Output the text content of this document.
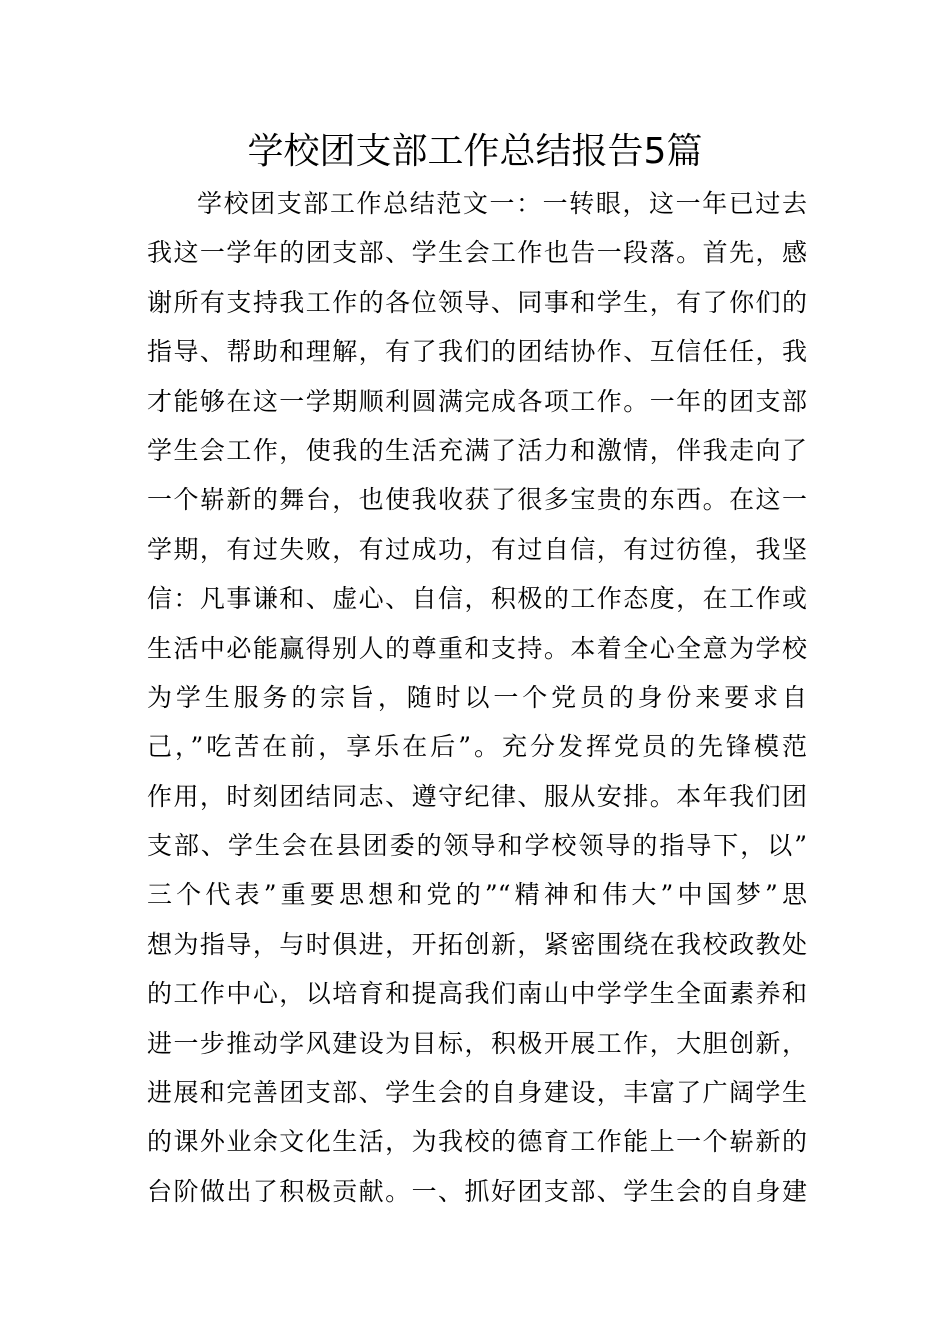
学校团支部工作总结报告5篇
学校团支部工作总结范文一：一转眼，这一年已过去
我这一学年的团支部、学生会工作也告一段落。首先，感
谢所有支持我工作的各位领导、同事和学生，有了你们的
指导、帮助和理解，有了我们的团结协作、互信任任，我
才能够在这一学期顺利圆满完成各项工作。一年的团支部
学生会工作，使我的生活充满了活力和激情，伴我走向了
一个崭新的舞台，也使我收获了很多宝贵的东西。在这一
学期，有过失败，有过成功，有过自信，有过彷徨，我坚
信：凡事谦和、虚心、自信，积极的工作态度，在工作或
生活中必能赢得别人的尊重和支持。本着全心全意为学校
为学生服务的宗旨，随时以一个党员的身份来要求自
己，”吃苦在前，享乐在后”。充分发挥党员的先锋模范
作用，时刻团结同志、遵守纪律、服从安排。本年我们团
支部、学生会在县团委的领导和学校领导的指导下，以”
三个代表”重要思想和党的”“精神和伟大”中国梦”思
想为指导，与时俱进，开拓创新，紧密围绕在我校政教处
的工作中心，以培育和提高我们南山中学学生全面素养和
进一步推动学风建设为目标，积极开展工作，大胆创新，
进展和完善团支部、学生会的自身建设，丰富了广阔学生
的课外业余文化生活，为我校的德育工作能上一个崭新的
台阶做出了积极贡献。一、抓好团支部、学生会的自身建
